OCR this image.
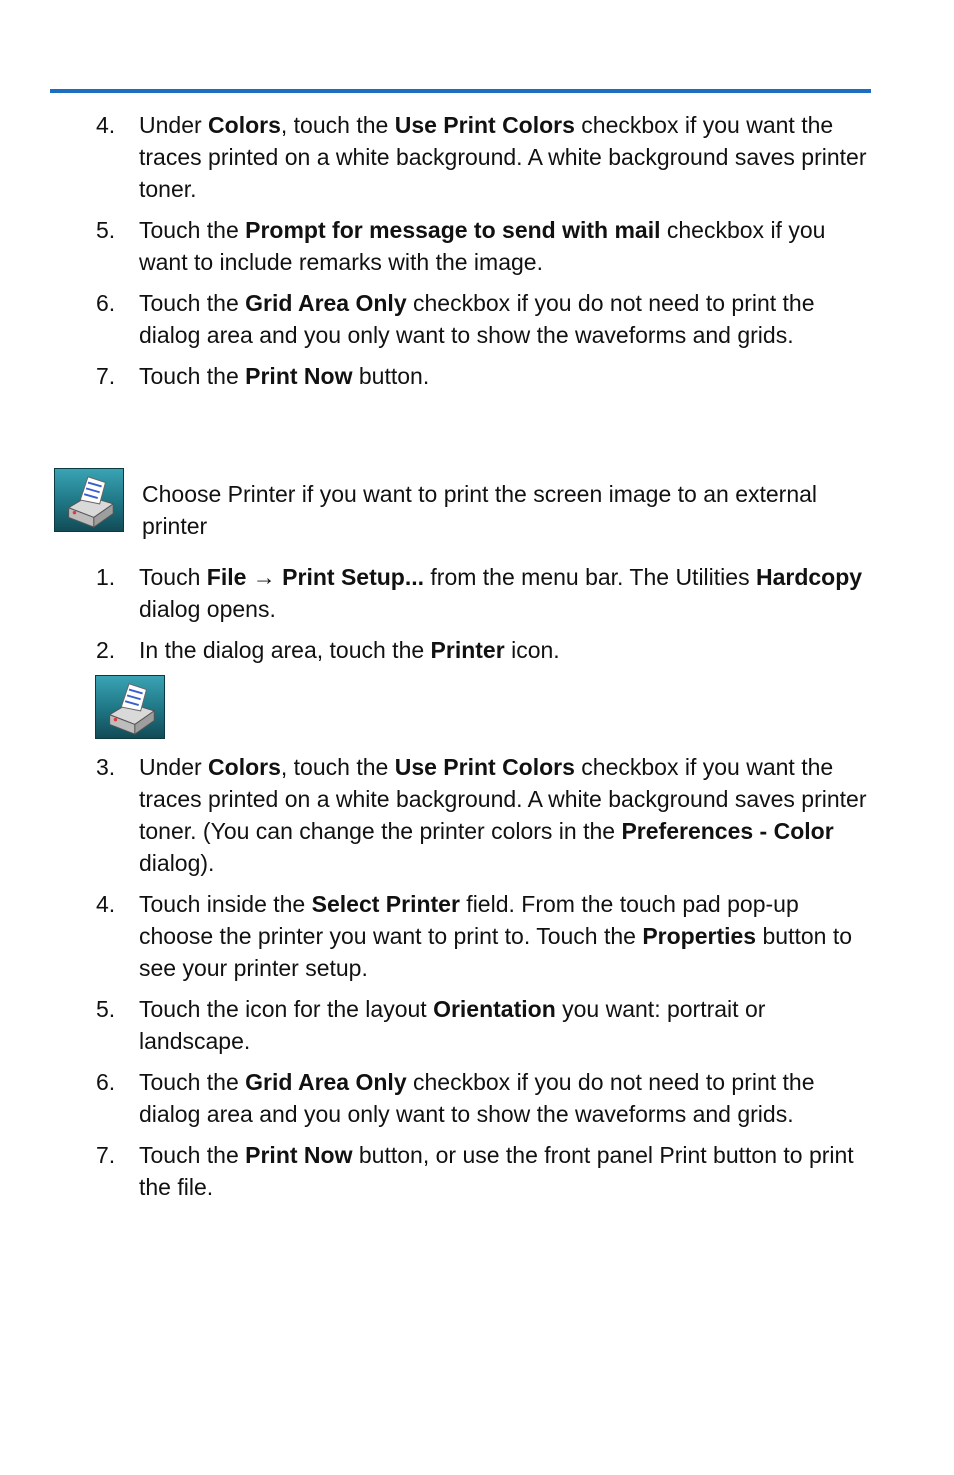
4. Under Colors, touch the Use Print Colors checkbox if you want the traces printed on a white background. A white background saves printer toner.
5. Touch the Prompt for message to send with mail checkbox if you want to include remarks with the image.
6. Touch the Grid Area Only checkbox if you do not need to print the dialog area and you only want to show the waveforms and grids.
7. Touch the Print Now button.
Choose Printer if you want to print the screen image to an external printer
1. Touch File → Print Setup... from the menu bar. The Utilities Hardcopy dialog opens.
2. In the dialog area, touch the Printer icon.
3. Under Colors, touch the Use Print Colors checkbox if you want the traces printed on a white background. A white background saves printer toner. (You can change the printer colors in the Preferences - Color dialog).
4. Touch inside the Select Printer field. From the touch pad pop-up choose the printer you want to print to. Touch the Properties button to see your printer setup.
5. Touch the icon for the layout Orientation you want: portrait or landscape.
6. Touch the Grid Area Only checkbox if you do not need to print the dialog area and you only want to show the waveforms and grids.
7. Touch the Print Now button, or use the front panel Print button to print the file.
